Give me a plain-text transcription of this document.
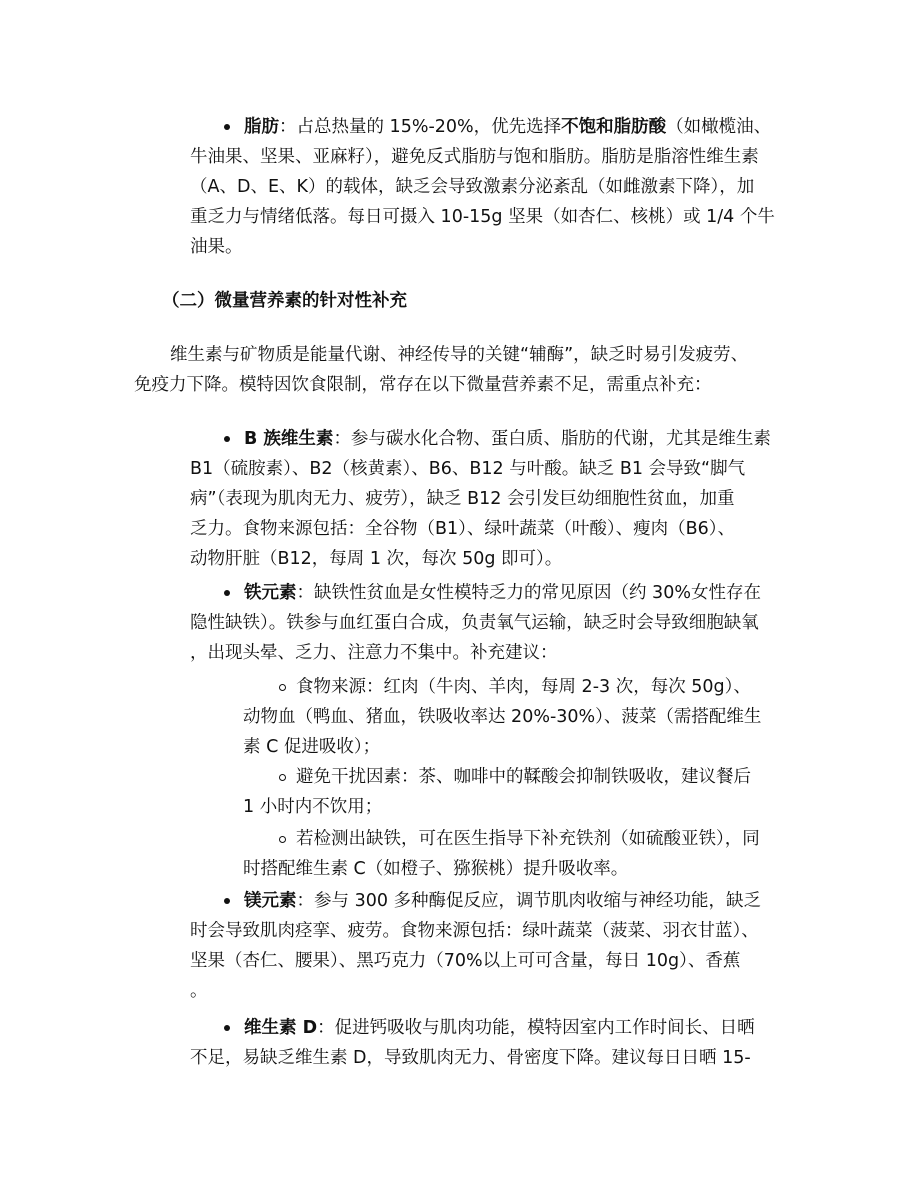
脂肪：占总热量的 15%-20%，优先选择不饱和脂肪酸（如橄榄油、
牛油果、坚果、亚麻籽），避免反式脂肪与饱和脂肪。脂肪是脂溶性维生素
（A、D、E、K）的载体，缺乏会导致激素分泌紊乱（如雌激素下降），加
重乏力与情绪低落。每日可摄入 10-15g 坚果（如杏仁、核桃）或 1/4 个牛
油果。
（二）微量营养素的针对性补充
维生素与矿物质是能量代谢、神经传导的关键“辅酶”，缺乏时易引发疲劳、
免疫力下降。模特因饮食限制，常存在以下微量营养素不足，需重点补充：
B 族维生素：参与碳水化合物、蛋白质、脂肪的代谢，尤其是维生素
B1（硫胺素）、B2（核黄素）、B6、B12 与叶酸。缺乏 B1 会导致“脚气
病”（表现为肌肉无力、疲劳），缺乏 B12 会引发巨幼细胞性贫血，加重
乏力。食物来源包括：全谷物（B1）、绿叶蔬菜（叶酸）、瘦肉（B6）、
动物肝脏（B12，每周 1 次，每次 50g 即可）。
铁元素：缺铁性贫血是女性模特乏力的常见原因（约 30%女性存在
隐性缺铁）。铁参与血红蛋白合成，负责氧气运输，缺乏时会导致细胞缺氧
，出现头晕、乏力、注意力不集中。补充建议：
食物来源：红肉（牛肉、羊肉，每周 2-3 次，每次 50g）、
动物血（鸭血、猪血，铁吸收率达 20%-30%）、菠菜（需搭配维生
素 C 促进吸收）；
避免干扰因素：茶、咖啡中的鞣酸会抑制铁吸收，建议餐后
1 小时内不饮用；
若检测出缺铁，可在医生指导下补充铁剂（如硫酸亚铁），同
时搭配维生素 C（如橙子、猕猴桃）提升吸收率。
镁元素：参与 300 多种酶促反应，调节肌肉收缩与神经功能，缺乏
时会导致肌肉痉挛、疲劳。食物来源包括：绿叶蔬菜（菠菜、羽衣甘蓝）、
坚果（杏仁、腰果）、黑巧克力（70%以上可可含量，每日 10g）、香蕉
。
维生素 D：促进钙吸收与肌肉功能，模特因室内工作时间长、日晒
不足，易缺乏维生素 D，导致肌肉无力、骨密度下降。建议每日日晒 15-
